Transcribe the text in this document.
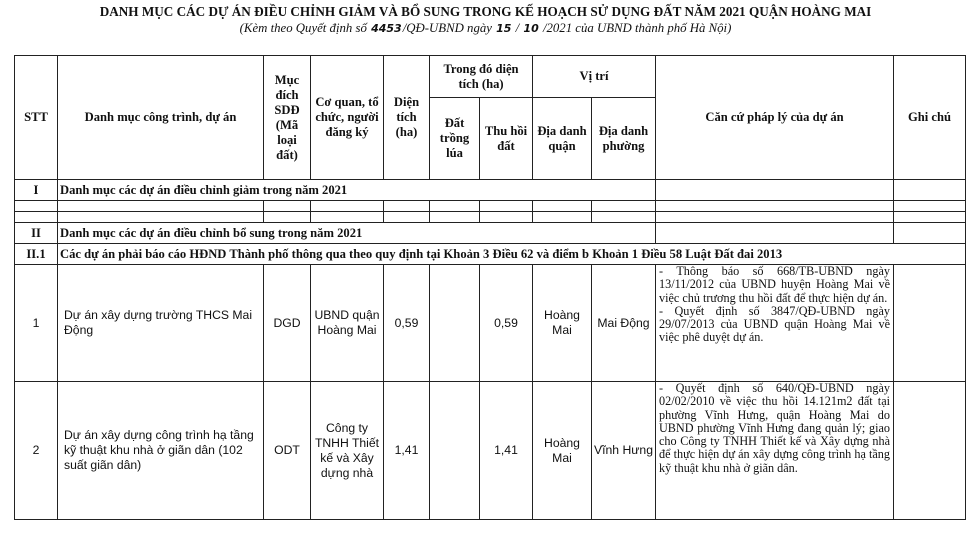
DANH MỤC CÁC DỰ ÁN ĐIỀU CHỈNH GIẢM VÀ BỔ SUNG TRONG KẾ HOẠCH SỬ DỤNG ĐẤT NĂM 2021 QUẬN HOÀNG MAI
(Kèm theo Quyết định số 4453/QĐ-UBND ngày 15 / 10 /2021 của UBND thành phố Hà Nội)
STT	Danh mục công trình, dự án	Mục đích SDĐ (Mã loại đất)	Cơ quan, tổ chức, người đăng ký	Diện tích (ha)	Trong đó diện tích (ha)		Vị trí		Căn cứ pháp lý của dự án	Ghi chú
					Đất trồng lúa	Thu hồi đất	Địa danh quận	Địa danh phường		
I	Danh mục các dự án điều chỉnh giảm trong năm 2021									

II	Danh mục các dự án điều chỉnh bổ sung trong năm 2021									
II.1	Các dự án phải báo cáo HĐND Thành phố thông qua theo quy định tại Khoản 3 Điều 62 và điểm b Khoản 1 Điều 58 Luật Đất đai 2013									
1	Dự án xây dựng trường THCS Mai Động	DGD	UBND quận Hoàng Mai	0,59		0,59	Hoàng Mai	Mai Động	- Thông báo số 668/TB-UBND ngày 13/11/2012 của UBND huyện Hoàng Mai về việc chủ trương thu hồi đất để thực hiện dự án.
- Quyết định số 3847/QĐ-UBND ngày 29/07/2013 của UBND quận Hoàng Mai về việc phê duyệt dự án.	

2	Dự án xây dựng công trình hạ tầng kỹ thuật khu nhà ở giãn dân (102 suất giãn dân)	ODT	Công ty TNHH Thiết kế và Xây dựng nhà	1,41		1,41	Hoàng Mai	Vĩnh Hưng	- Quyết định số 640/QĐ-UBND ngày 02/02/2010 về việc thu hồi 14.121m2 đất tại phường Vĩnh Hưng, quận Hoàng Mai do UBND phường Vĩnh Hưng đang quản lý; giao cho Công ty TNHH Thiết kế và Xây dựng nhà để thực hiện dự án xây dựng công trình hạ tầng kỹ thuật khu nhà ở giãn dân.	
